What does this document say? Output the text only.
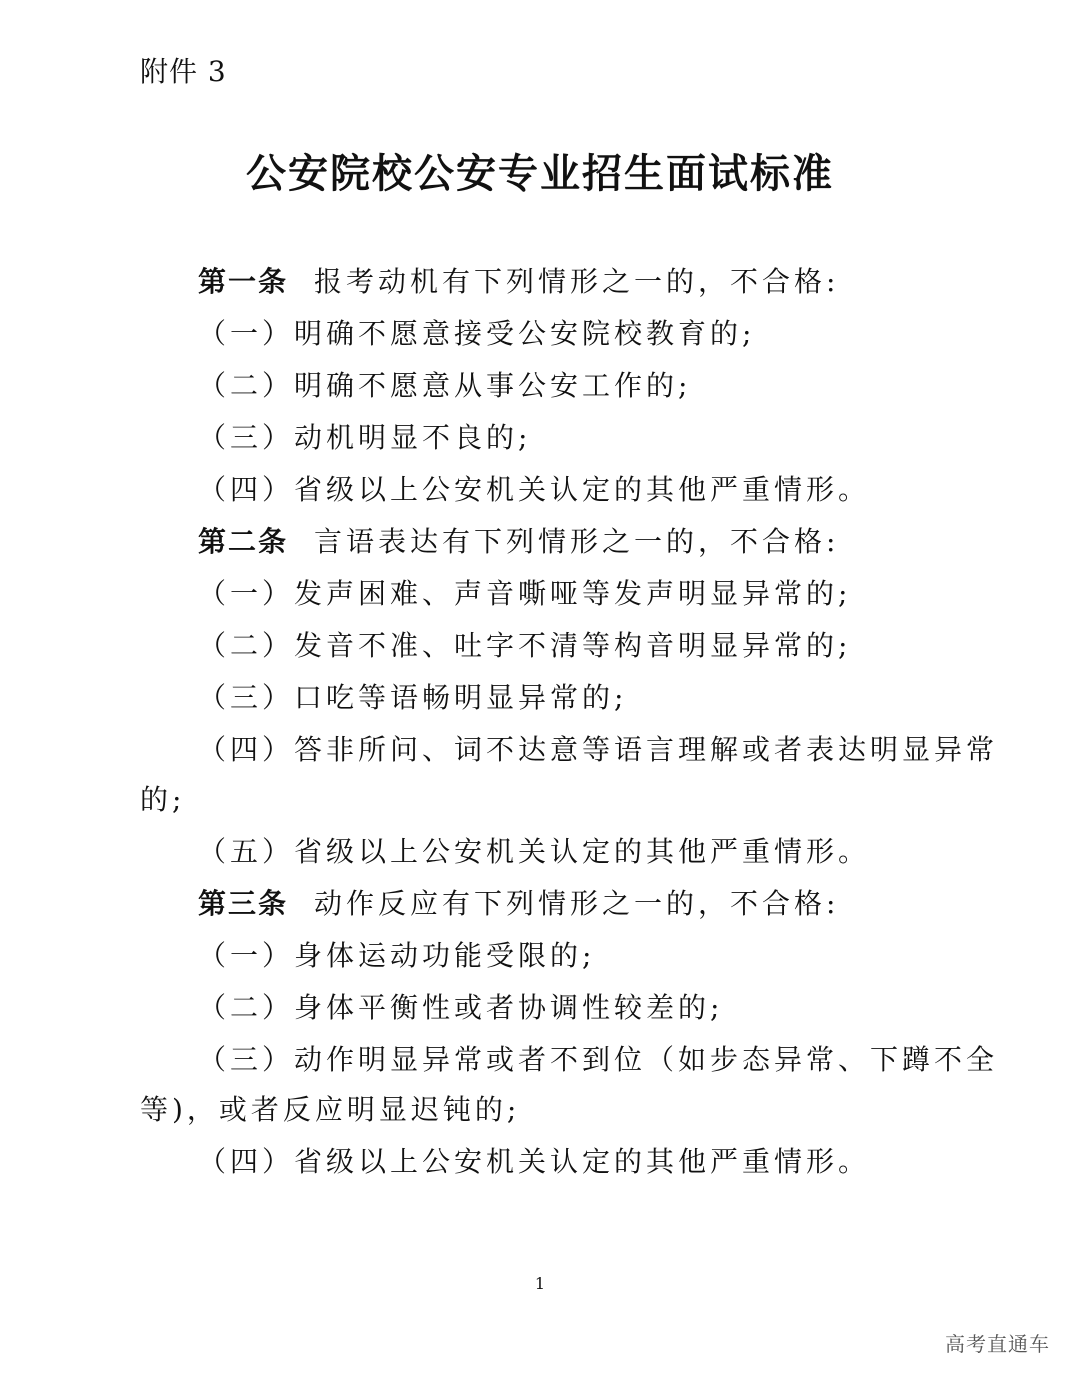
附件 3
公安院校公安专业招生面试标准
第一条 报考动机有下列情形之一的，不合格:
（一）明确不愿意接受公安院校教育的;
（二）明确不愿意从事公安工作的;
（三）动机明显不良的;
（四）省级以上公安机关认定的其他严重情形。
第二条 言语表达有下列情形之一的，不合格:
（一）发声困难、声音嘶哑等发声明显异常的;
（二）发音不准、吐字不清等构音明显异常的;
（三）口吃等语畅明显异常的;
（四）答非所问、词不达意等语言理解或者表达明显异常
的;
（五）省级以上公安机关认定的其他严重情形。
第三条 动作反应有下列情形之一的，不合格:
（一）身体运动功能受限的;
（二）身体平衡性或者协调性较差的;
（三）动作明显异常或者不到位（如步态异常、下蹲不全
等)，或者反应明显迟钝的;
（四）省级以上公安机关认定的其他严重情形。
1
高考直通车
